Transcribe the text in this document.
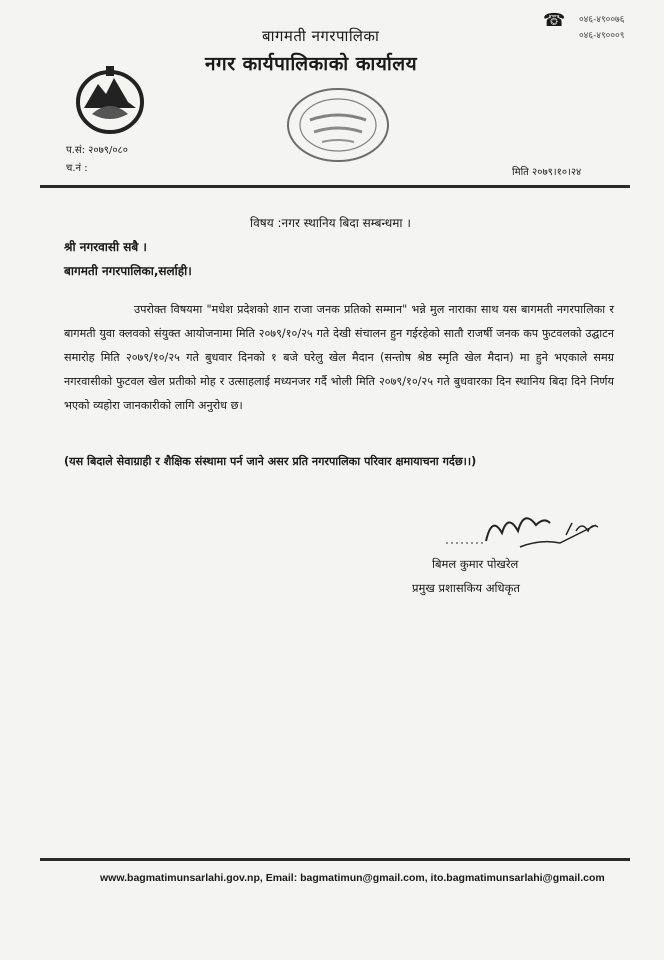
बागमती नगरपालिका
नगर कार्यपालिकाको कार्यालय
☎ ०४६-४९००७६
०४६-४९०००९
प.सं: २०७९/०८०
च.नं :	मिति २०७९।१०।२४
विषय :नगर स्थानिय बिदा सम्बन्धमा ।
श्री नगरवासी सबै ।
बागमती नगरपालिका,सर्लाही।

उपरोक्त विषयमा "मधेश प्रदेशको शान राजा जनक प्रतिको सम्मान" भन्ने मुल नाराका साथ यस बागमती नगरपालिका र बागमती युवा क्लवको संयुक्त आयोजनामा मिति २०७९/१०/२५ गते देखी संचालन हुन गईरहेको सातौ राजर्षी जनक कप फुटवलको उद्घाटन समारोह मिति २०७९/१०/२५ गते बुधवार दिनको १ बजे घरेलु खेल मैदान (सन्तोष श्रेष्ठ स्मृति खेल मैदान) मा हुने भएकाले समग्र नगरवासीको फुटवल खेल प्रतीको मोह र उत्साहलाई मध्यनजर गर्दै भोली मिति २०७९/१०/२५ गते बुधवारका दिन स्थानिय बिदा दिने निर्णय भएको व्यहोरा जानकारीको लागि अनुरोध छ।

(यस बिदाले सेवाग्राही र शैक्षिक संस्थामा पर्न जाने असर प्रति नगरपालिका परिवार क्षमायाचना गर्दछ।।)
बिमल कुमार पोखरेल
प्रमुख प्रशासकिय अधिकृत
www.bagmatimunsarlahi.gov.np, Email: bagmatimun@gmail.com, ito.bagmatimunsarlahi@gmail.com
